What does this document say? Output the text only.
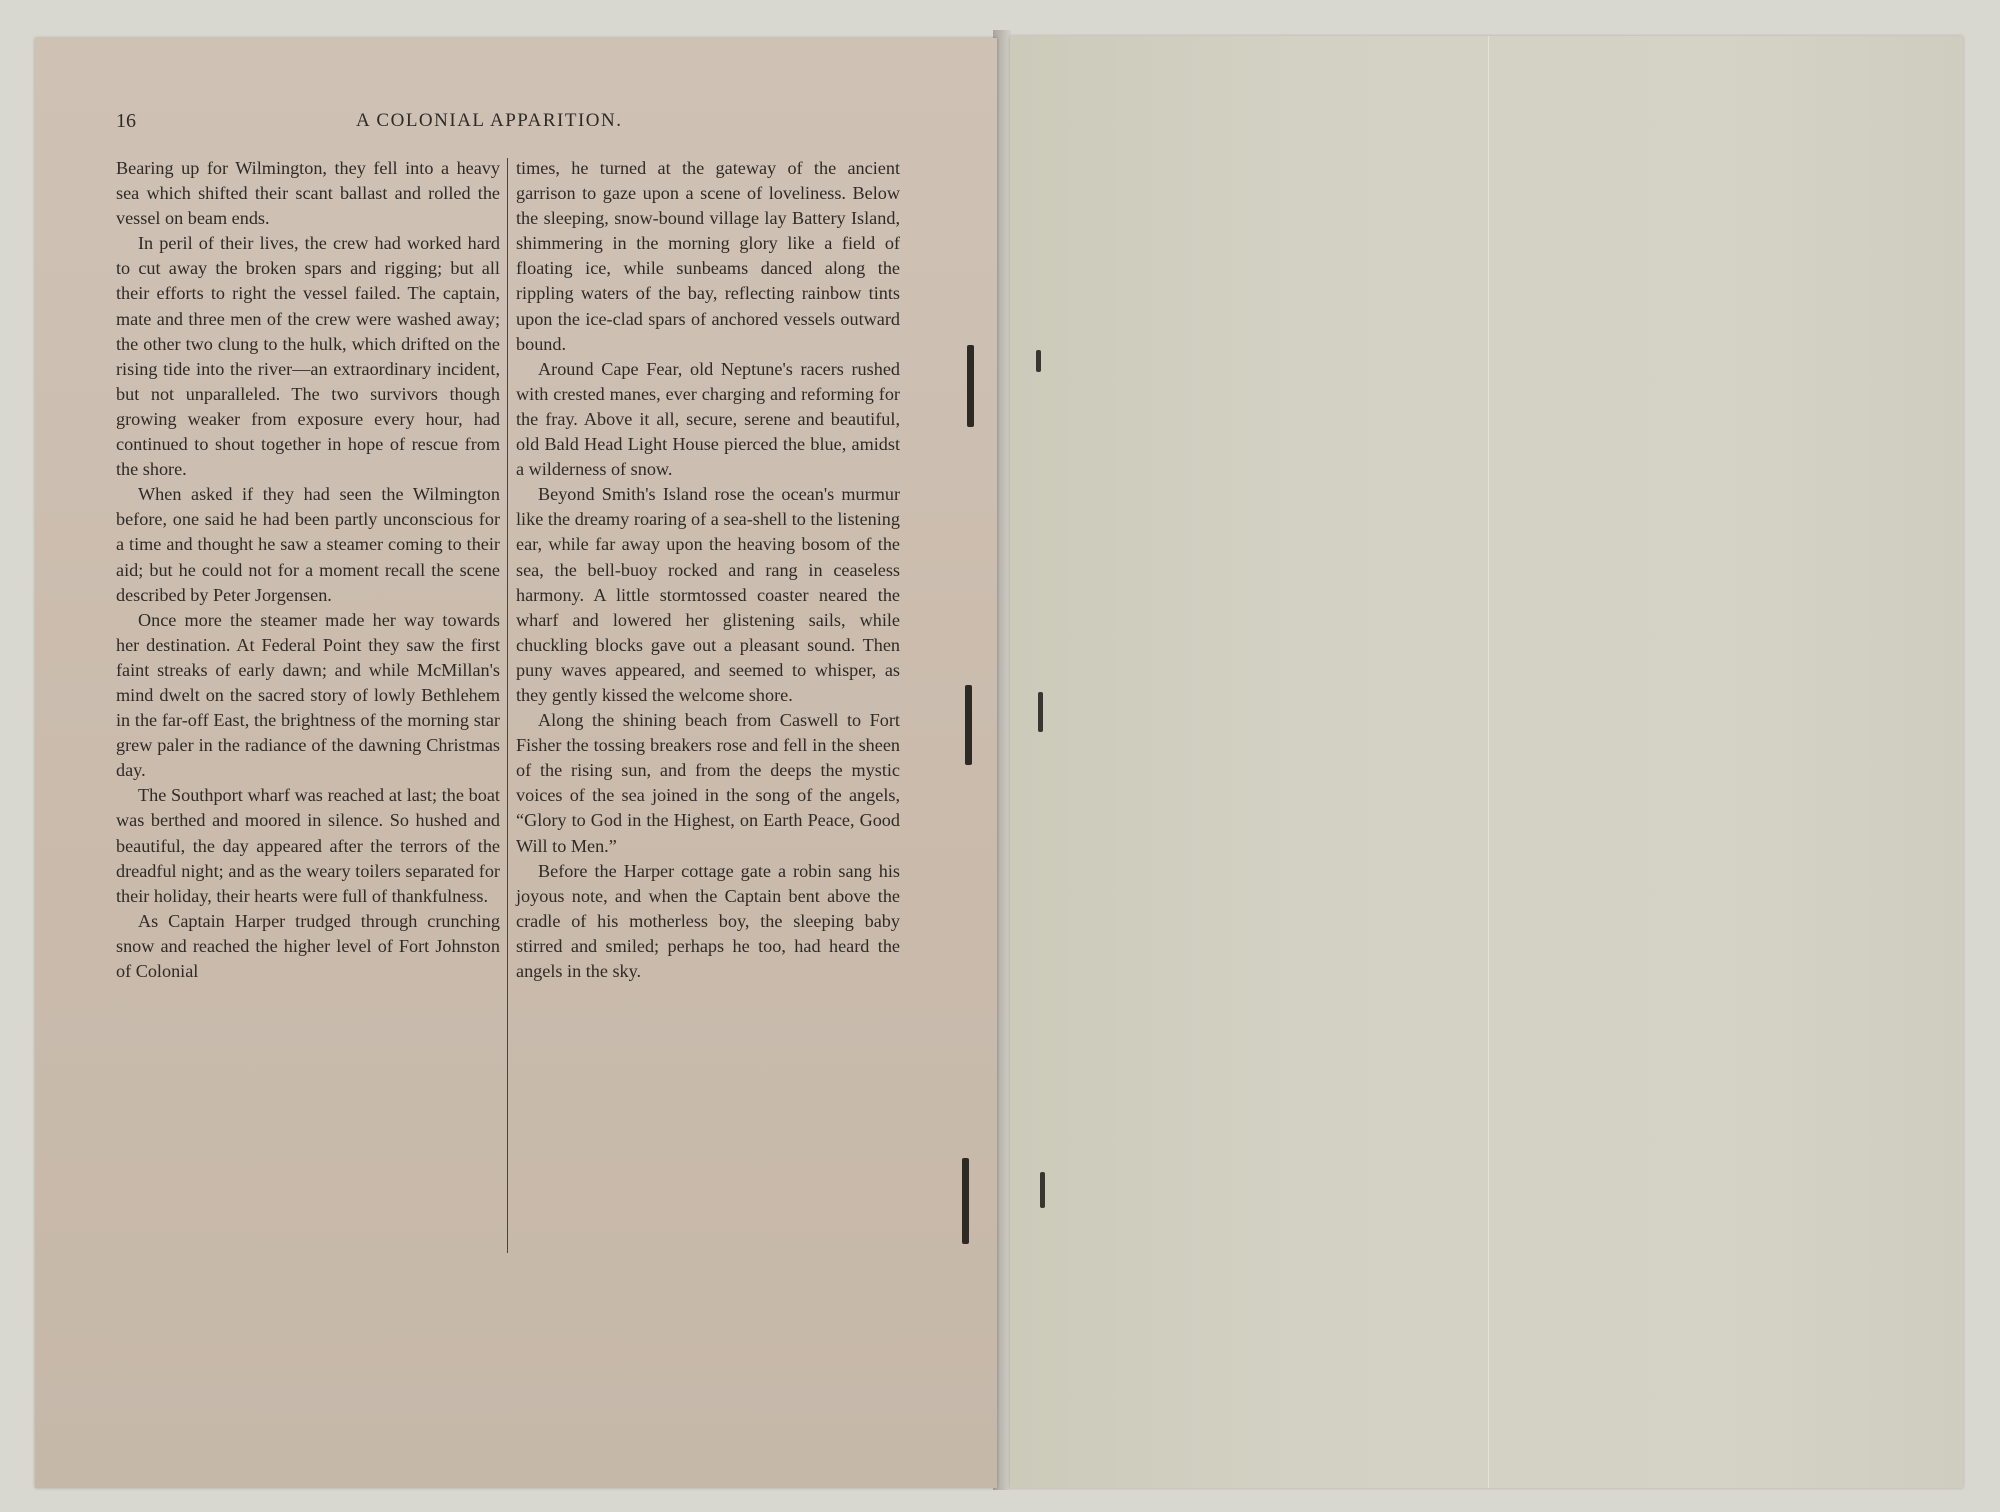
16	A COLONIAL APPARITION.

Bearing up for Wilmington, they fell into a heavy sea which shifted their scant ballast and rolled the vessel on beam ends.

In peril of their lives, the crew had worked hard to cut away the broken spars and rigging; but all their efforts to right the vessel failed. The captain, mate and three men of the crew were washed away; the other two clung to the hulk, which drifted on the rising tide into the river—an extraordinary incident, but not unparalleled. The two survivors though growing weaker from exposure every hour, had continued to shout together in hope of rescue from the shore.

When asked if they had seen the Wilmington before, one said he had been partly unconscious for a time and thought he saw a steamer coming to their aid; but he could not for a moment recall the scene described by Peter Jorgensen.

Once more the steamer made her way towards her destination. At Federal Point they saw the first faint streaks of early dawn; and while McMillan's mind dwelt on the sacred story of lowly Bethlehem in the far-off East, the brightness of the morning star grew paler in the radiance of the dawning Christmas day.

The Southport wharf was reached at last; the boat was berthed and moored in silence. So hushed and beautiful, the day appeared after the terrors of the dreadful night; and as the weary toilers separated for their holiday, their hearts were full of thankfulness.

As Captain Harper trudged through crunching snow and reached the higher level of Fort Johnston of Colonial

times, he turned at the gateway of the ancient garrison to gaze upon a scene of loveliness. Below the sleeping, snow-bound village lay Battery Island, shimmering in the morning glory like a field of floating ice, while sunbeams danced along the rippling waters of the bay, reflecting rainbow tints upon the ice-clad spars of anchored vessels outward bound.

Around Cape Fear, old Neptune's racers rushed with crested manes, ever charging and reforming for the fray. Above it all, secure, serene and beautiful, old Bald Head Light House pierced the blue, amidst a wilderness of snow.

Beyond Smith's Island rose the ocean's murmur like the dreamy roaring of a sea-shell to the listening ear, while far away upon the heaving bosom of the sea, the bell-buoy rocked and rang in ceaseless harmony. A little stormtossed coaster neared the wharf and lowered her glistening sails, while chuckling blocks gave out a pleasant sound. Then puny waves appeared, and seemed to whisper, as they gently kissed the welcome shore.

Along the shining beach from Caswell to Fort Fisher the tossing breakers rose and fell in the sheen of the rising sun, and from the deeps the mystic voices of the sea joined in the song of the angels, “Glory to God in the Highest, on Earth Peace, Good Will to Men.”

Before the Harper cottage gate a robin sang his joyous note, and when the Captain bent above the cradle of his motherless boy, the sleeping baby stirred and smiled; perhaps he too, had heard the angels in the sky.
